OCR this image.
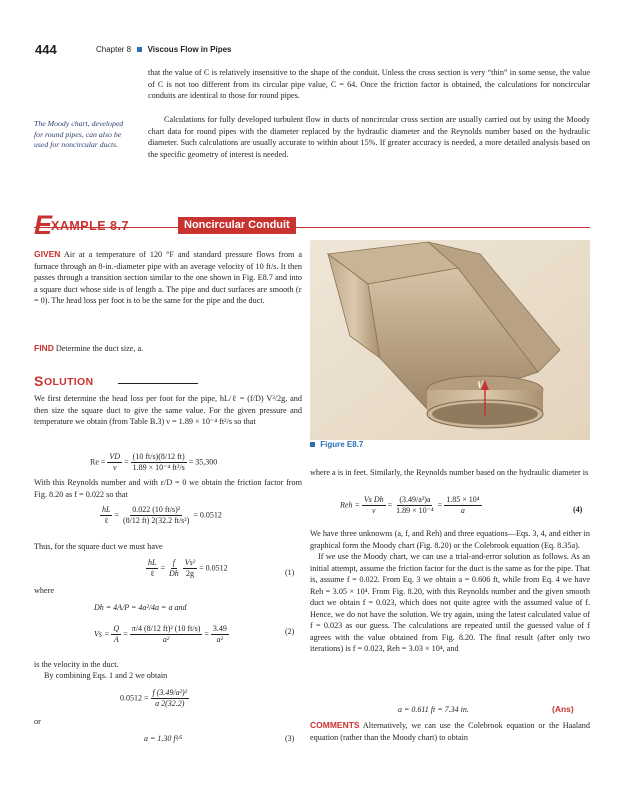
444	Chapter 8 Viscous Flow in Pipes
that the value of C is relatively insensitive to the shape of the conduit. Unless the cross section is very “thin” in some sense, the value of C is not too different from its circular pipe value, C = 64. Once the friction factor is obtained, the calculations for noncircular conduits are identical to those for round pipes.
Calculations for fully developed turbulent flow in ducts of noncircular cross section are usually carried out by using the Moody chart data for round pipes with the diameter replaced by the hydraulic diameter and the Reynolds number based on the hydraulic diameter. Such calculations are usually accurate to within about 15%. If greater accuracy is needed, a more detailed analysis based on the specific geometry of interest is needed.
The Moody chart, developed for round pipes, can also be used for noncircular ducts.
E
XAMPLE 8.7	Noncircular Conduit
GIVEN Air at a temperature of 120 °F and standard pressure flows from a furnace through an 8-in.-diameter pipe with an average velocity of 10 ft/s. It then passes through a transition section similar to the one shown in Fig. E8.7 and into a square duct whose side is of length a. The pipe and duct surfaces are smooth (ε = 0). The head loss per foot is to be the same for the pipe and the duct.
FIND Determine the duct size, a.
V
Figure E8.7
S OLUTION
We first determine the head loss per foot for the pipe, hL/ℓ = (f/D) V²/2g, and then size the square duct to give the same value. For the given pressure and temperature we obtain (from Table B.3) ν = 1.89 × 10⁻⁴ ft²/s so that
$Re = \frac{VD}{\nu} = \frac{(10 ft/s)(8/12 ft)}{\text{1.89 × 10⁻⁴ ft²/s}} = 35,300$
With this Reynolds number and with ε/D = 0 we obtain the friction factor from Fig. 8.20 as f = 0.022 so that
$\frac{hL}{\text{ℓ}} = \frac{\text{0.022 (10 ft/s)²}}{\text{(8/12 ft) 2(32.2 ft/s²)}} = 0.0512$
Thus, for the square duct we must have
$\frac{hL}{\text{ℓ}} = \frac{f}{Dh}$
$\frac{\text{Vs²}}{2g} = 0.0512$
(1)
where
Dh = 4A/P = 4a²/4a = a and
$Vs = \frac{Q}{A} = \frac{\text{π/4 (8/12 ft)² (10 ft/s)}}{\text{a²}} = \frac{3.49}{\text{a²}}$	(2)
is the velocity in the duct.
By combining Eqs. 1 and 2 we obtain
$0.0512 = \frac{\text{f (3.49/a²)²}}{a 2(32.2)}$
or
a = 1.30 f¹⁄⁵	(3)
where a is in feet. Similarly, the Reynolds number based on the hydraulic diameter is
Reh = $\frac{\text{Vs Dh}}{\nu} = \frac{\text{(3.49/a²)a}}{\text{1.89 × 10⁻⁴}} = \frac{\text{1.85 × 10⁴}}{a}$	(4)
We have three unknowns (a, f, and Reh) and three equations—Eqs. 3, 4, and either in graphical form the Moody chart (Fig. 8.20) or the Colebrook equation (Eq. 8.35a).
If we use the Moody chart, we can use a trial-and-error solution as follows. As an initial attempt, assume the friction factor for the duct is the same as for the pipe. That is, assume f = 0.022. From Eq. 3 we obtain a = 0.606 ft, while from Eq. 4 we have Reh = 3.05 × 10⁴. From Fig. 8.20, with this Reynolds number and the given smooth duct we obtain f = 0.023, which does not quite agree with the assumed value of f. Hence, we do not have the solution. We try again, using the latest calculated value of f = 0.023 as our guess. The calculations are repeated until the guessed value of f agrees with the value obtained from Fig. 8.20. The final result (after only two iterations) is f = 0.023, Reh = 3.03 × 10⁴, and
a = 0.611 ft = 7.34 in.	(Ans)
COMMENTS Alternatively, we can use the Colebrook equation or the Haaland equation (rather than the Moody chart) to obtain
